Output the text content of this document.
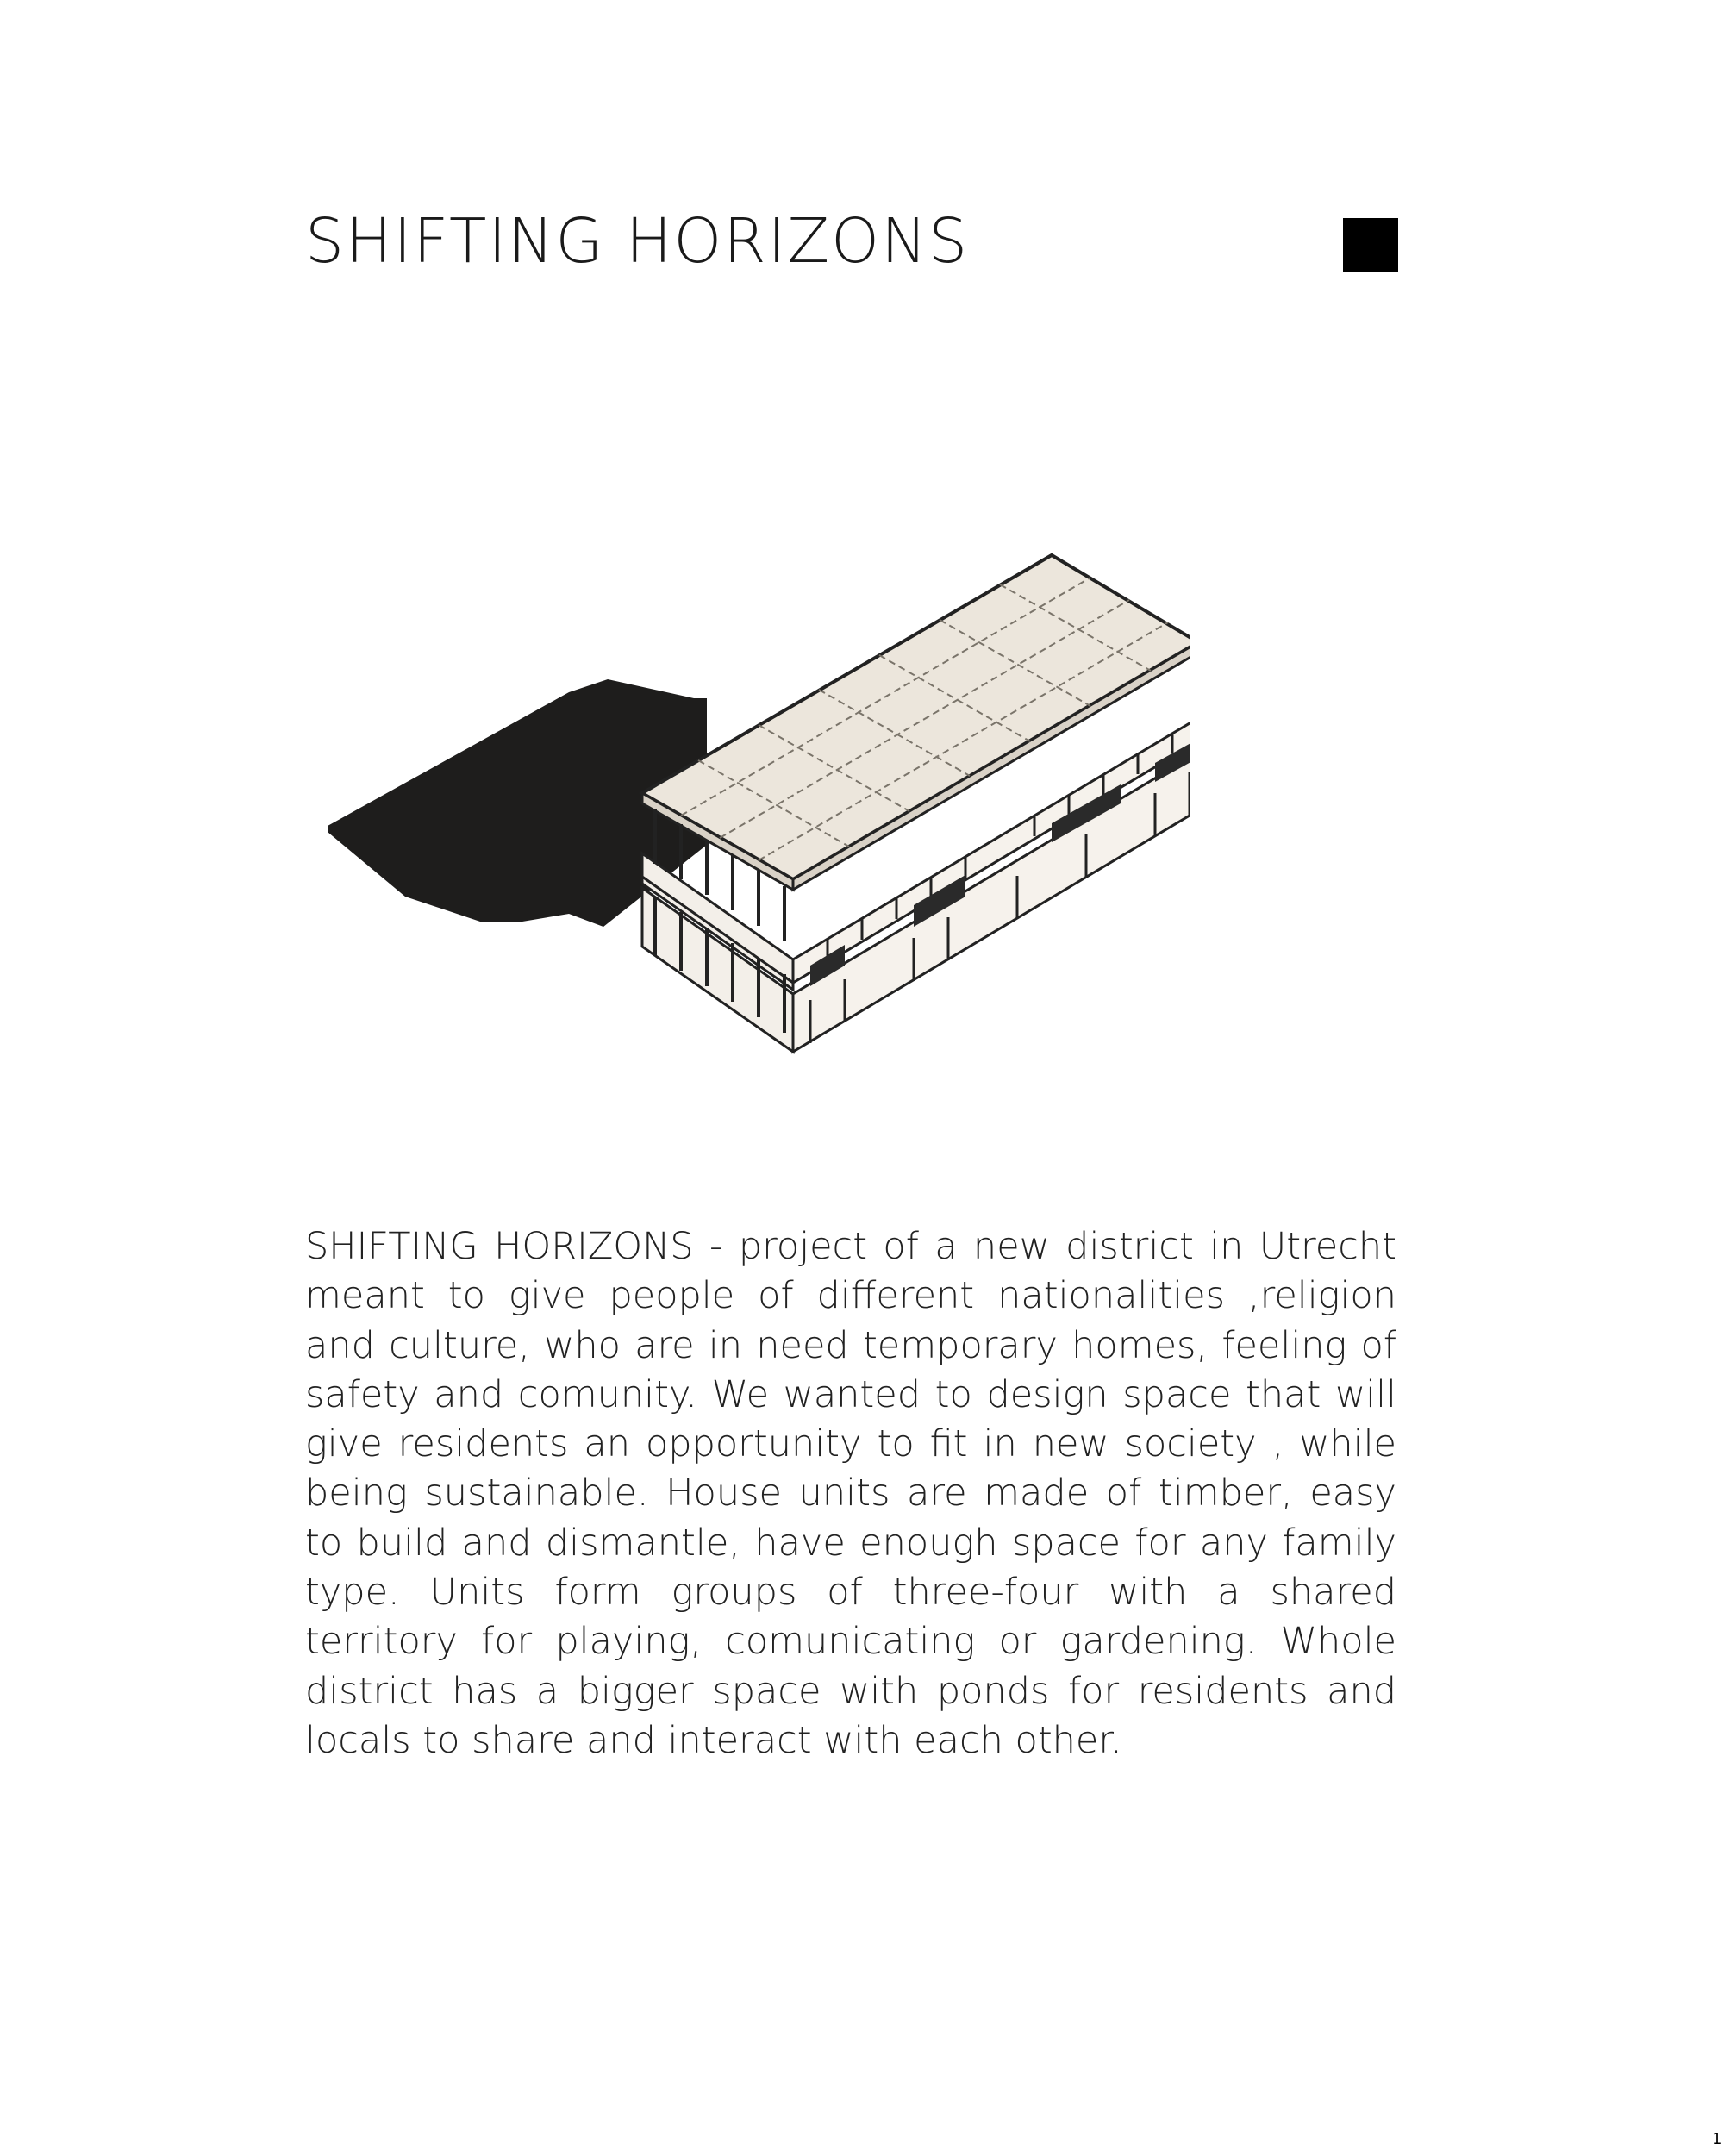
SHIFTING HORIZONS

SHIFTING HORIZONS - project of a new district in Utrecht meant to give people of different nationalities ,religion and culture, who are in need temporary homes, feeling of safety and comunity. We wanted to design space that will give residents an opportunity to fit in new society , while being sustainable. House units are made of timber, easy to build and dismantle, have enough space for any family type. Units form groups of three-four with a shared territory for playing, comunicating or gardening. Whole district has a bigger space with ponds for residents and locals to share and interact with each other.

1
